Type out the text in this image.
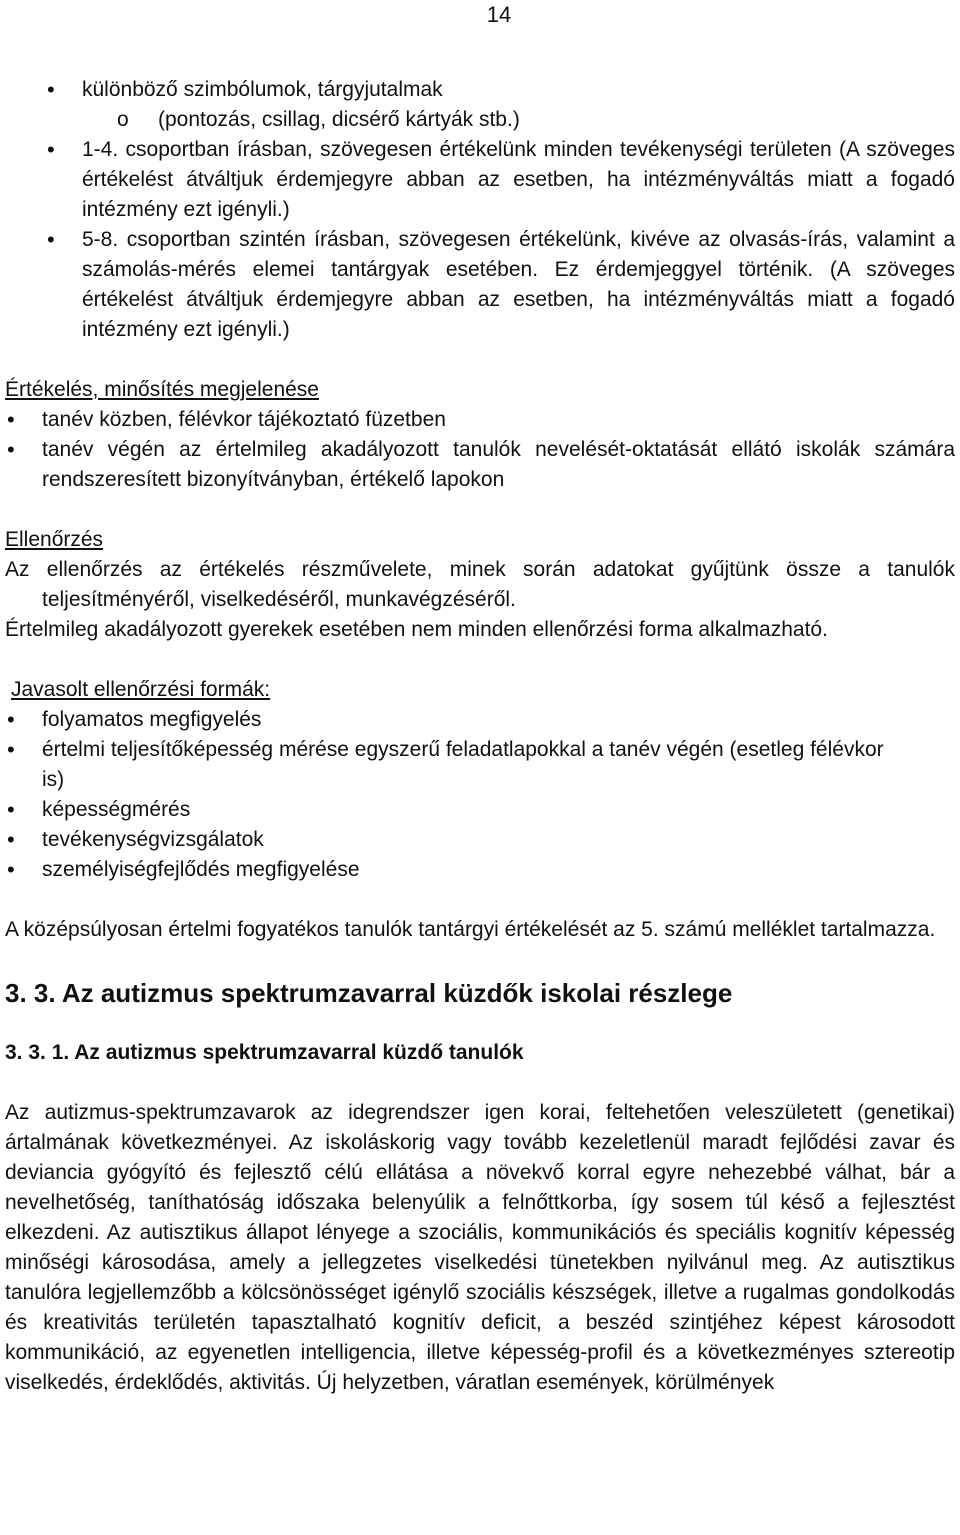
14
• különböző szimbólumok, tárgyjutalmak
o (pontozás, csillag, dicsérő kártyák stb.)
• 1-4. csoportban írásban, szövegesen értékelünk minden tevékenységi területen (A szöveges értékelést átváltjuk érdemjegyre abban az esetben, ha intézményváltás miatt a fogadó intézmény ezt igényli.)
• 5-8. csoportban szintén írásban, szövegesen értékelünk, kivéve az olvasás-írás, valamint a számolás-mérés elemei tantárgyak esetében. Ez érdemjeggyel történik. (A szöveges értékelést átváltjuk érdemjegyre abban az esetben, ha intézményváltás miatt a fogadó intézmény ezt igényli.)
Értékelés, minősítés megjelenése
• tanév közben, félévkor tájékoztató füzetben
• tanév végén az értelmileg akadályozott tanulók nevelését-oktatását ellátó iskolák számára rendszeresített bizonyítványban, értékelő lapokon
Ellenőrzés
Az ellenőrzés az értékelés részművelete, minek során adatokat gyűjtünk össze a tanulók teljesítményéről, viselkedéséről, munkavégzéséről.
Értelmileg akadályozott gyerekek esetében nem minden ellenőrzési forma alkalmazható.
Javasolt ellenőrzési formák:
• folyamatos megfigyelés
• értelmi teljesítőképesség mérése egyszerű feladatlapokkal a tanév végén (esetleg félévkor is)
• képességmérés
• tevékenységvizsgálatok
• személyiségfejlődés megfigyelése
A középsúlyosan értelmi fogyatékos tanulók tantárgyi értékelését az 5. számú melléklet tartalmazza.
3. 3. Az autizmus spektrumzavarral küzdők iskolai részlege
3. 3. 1. Az autizmus spektrumzavarral küzdő tanulók
Az autizmus-spektrumzavarok az idegrendszer igen korai, feltehetően veleszületett (genetikai) ártalmának következményei. Az iskoláskorig vagy tovább kezeletlenül maradt fejlődési zavar és deviancia gyógyító és fejlesztő célú ellátása a növekvő korral egyre nehezebbé válhat, bár a nevelhetőség, taníthatóság időszaka belenyúlik a felnőttkorba, így sosem túl késő a fejlesztést elkezdeni. Az autisztikus állapot lényege a szociális, kommunikációs és speciális kognitív képesség minőségi károsodása, amely a jellegzetes viselkedési tünetekben nyilvánul meg. Az autisztikus tanulóra legjellemzőbb a kölcsönösséget igénylő szociális készségek, illetve a rugalmas gondolkodás és kreativitás területén tapasztalható kognitív deficit, a beszéd szintjéhez képest károsodott kommunikáció, az egyenetlen intelligencia, illetve képesség-profil és a következményes sztereotip viselkedés, érdeklődés, aktivitás. Új helyzetben, váratlan események, körülmények
